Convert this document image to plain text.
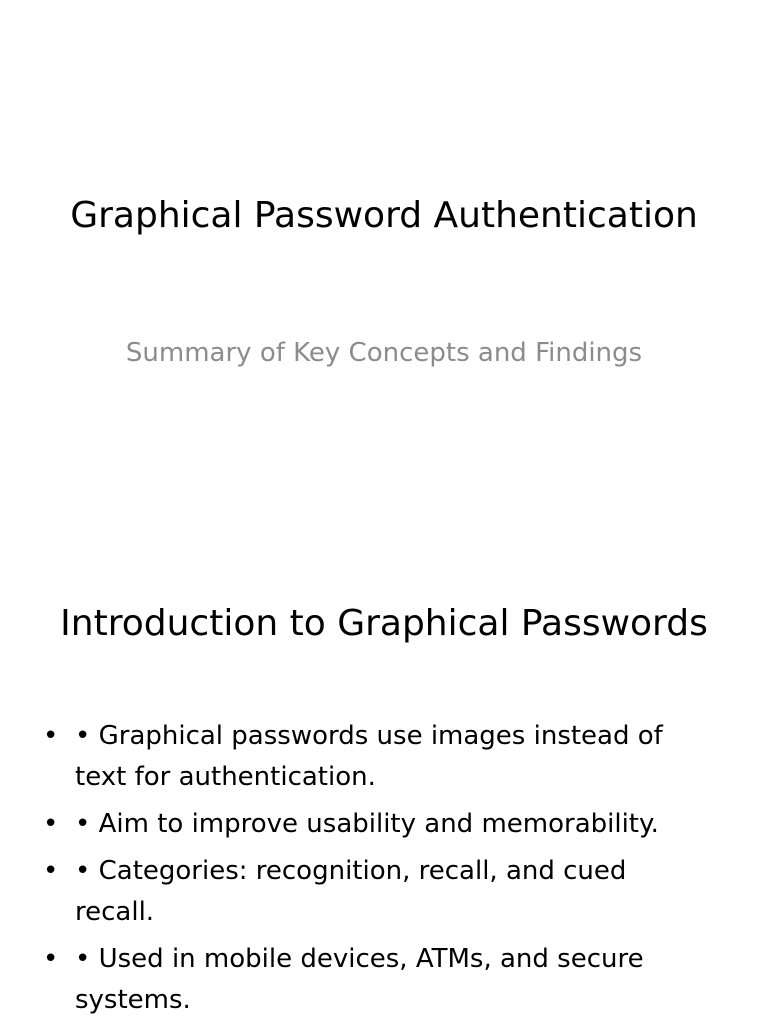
Graphical Password Authentication

Summary of Key Concepts and Findings

Introduction to Graphical Passwords
• • Graphical passwords use images instead of text for authentication.
• • Aim to improve usability and memorability.
• • Categories: recognition, recall, and cued recall.
• • Used in mobile devices, ATMs, and secure systems.
